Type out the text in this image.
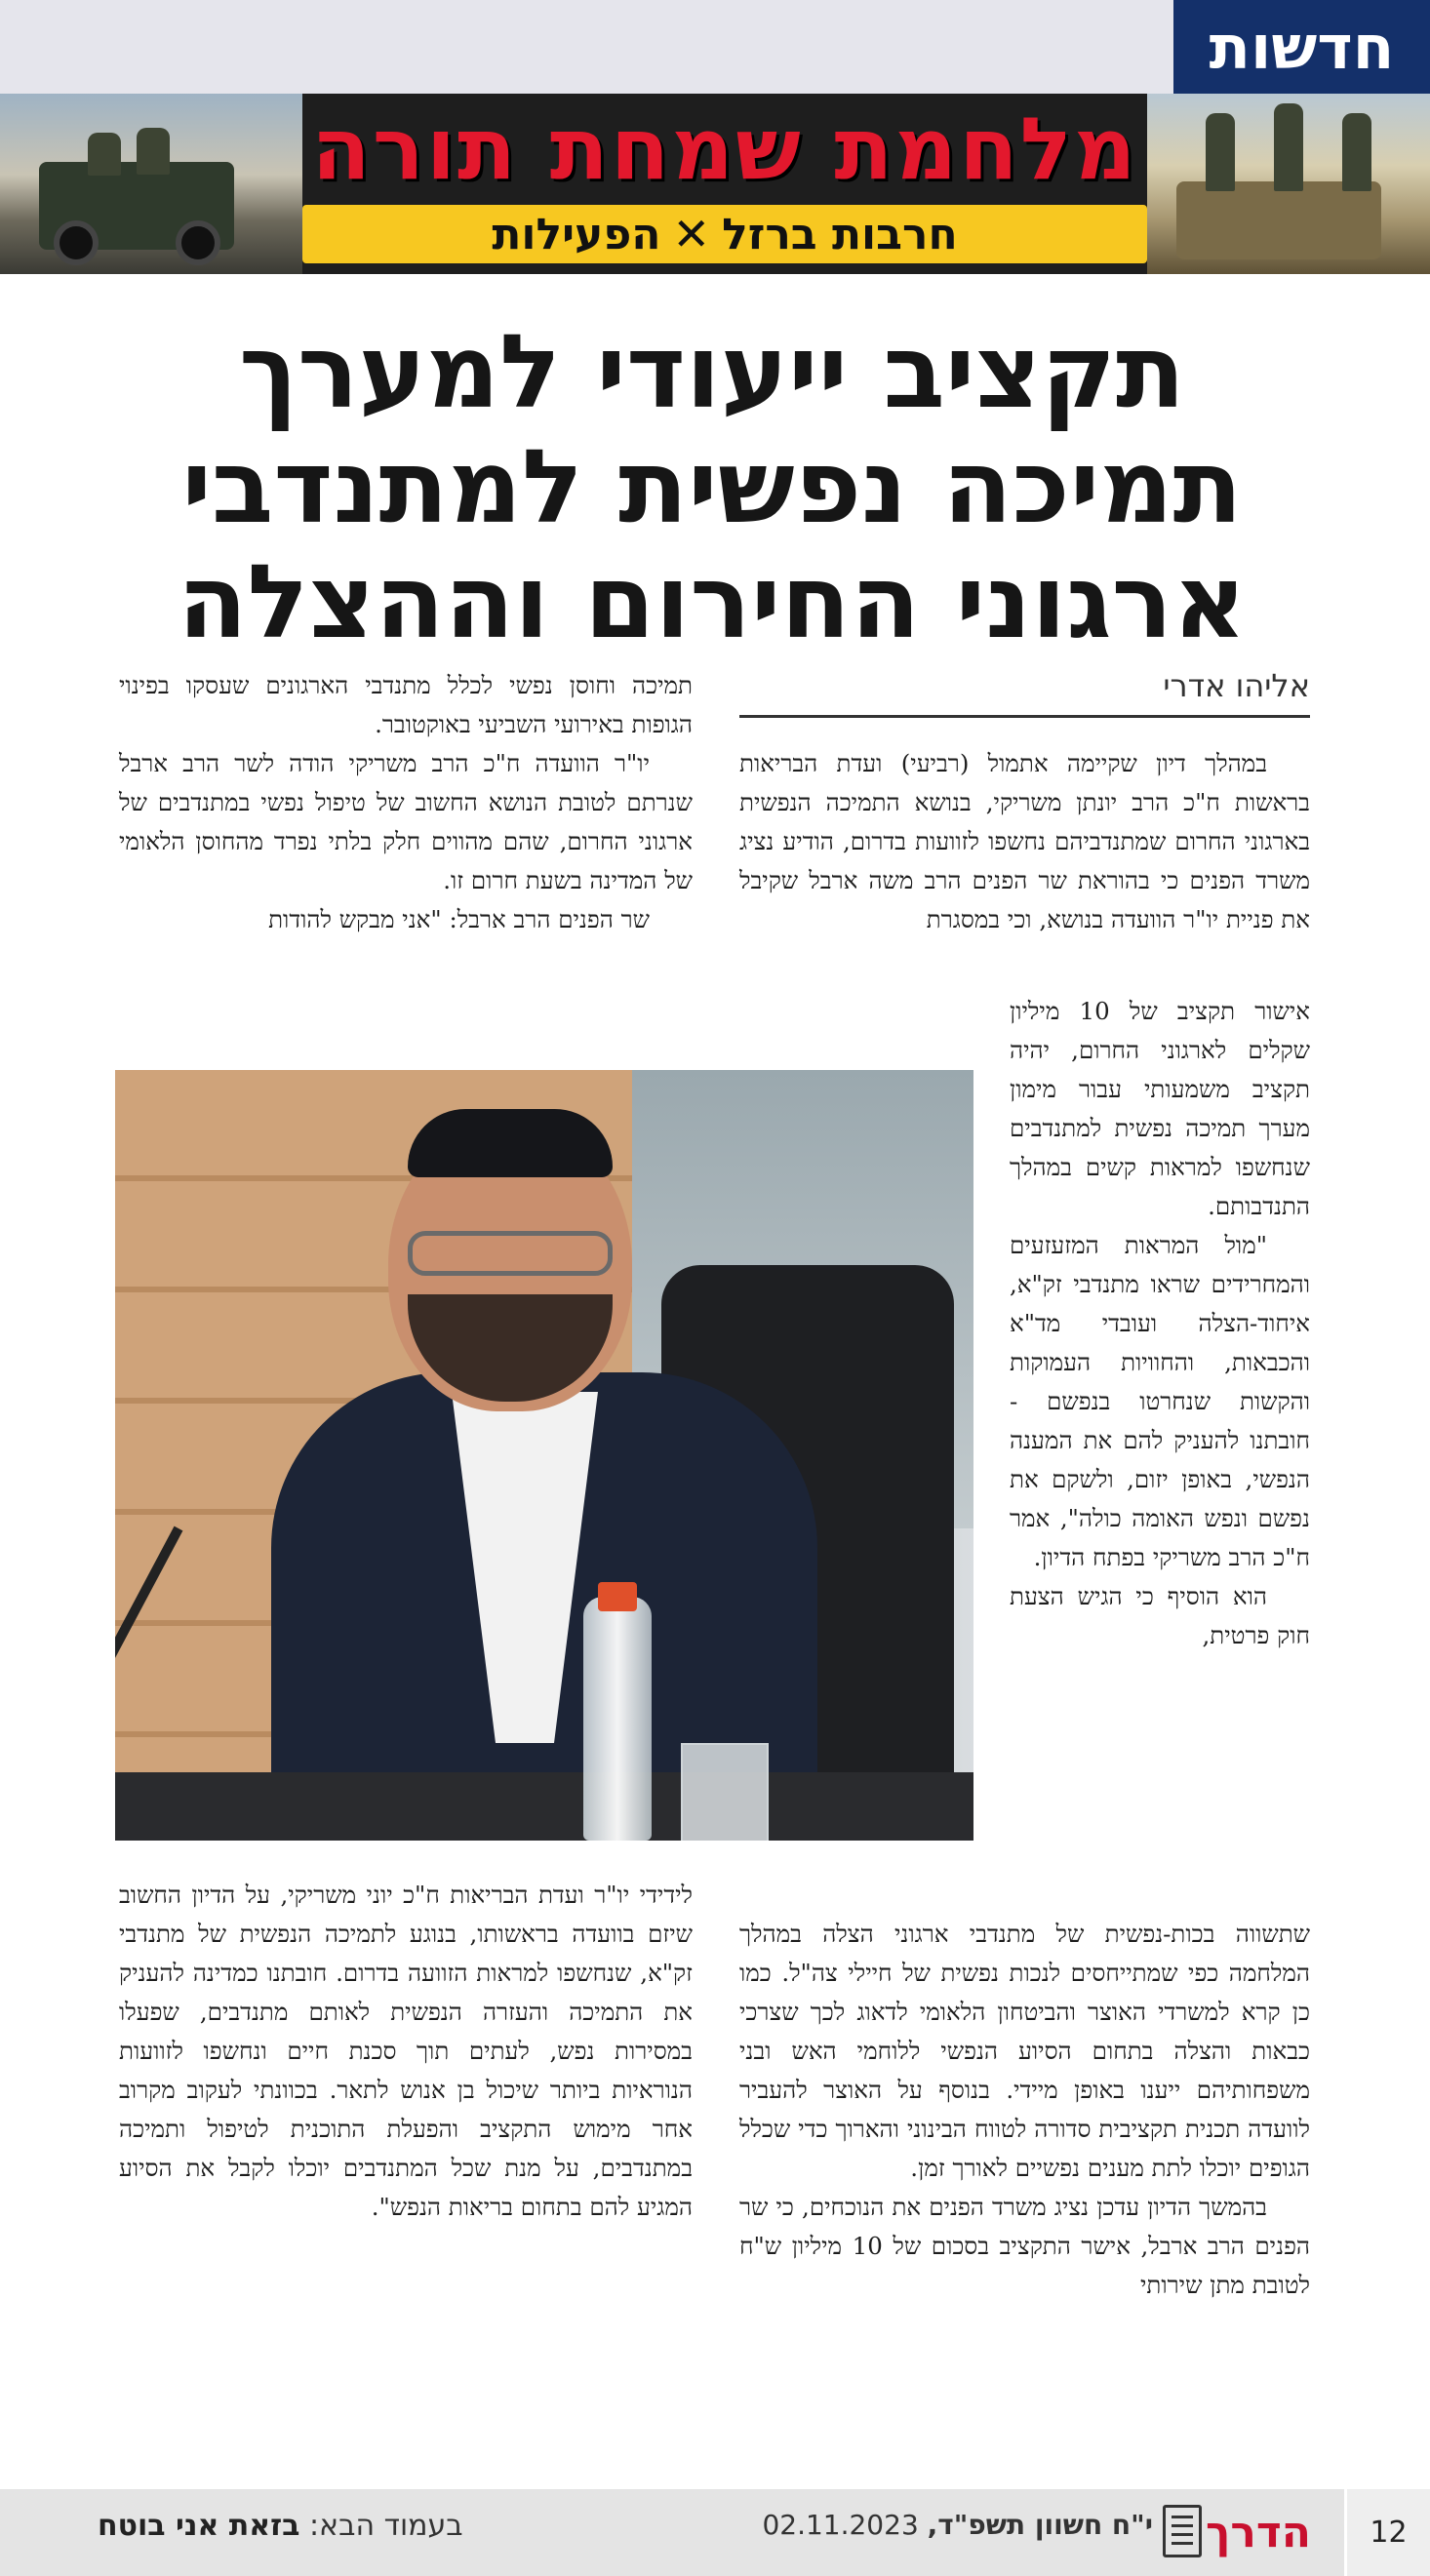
חדשות
מלחמת שמחת תורה
הפעילות ✕ חרבות ברזל
תקציב ייעודי למערך
תמיכה נפשית למתנדבי
ארגוני החירום וההצלה
אליהו אדרי

במהלך דיון שקיימה אתמול (רביעי) ועדת הבריאות בראשות ח"כ הרב יונתן משריקי, בנושא התמיכה הנפשית בארגוני החרום שמתנדביהם נחשפו לזוועות בדרום, הודיע נציג משרד הפנים כי בהוראת שר הפנים הרב משה ארבל שקיבל את פניית יו"ר הוועדה בנושא, וכי במסגרת

אישור תקציב של 10 מיליון שקלים לארגוני החרום, יהיה תקציב משמעותי עבור מימון מערך תמיכה נפשית למתנדבים שנחשפו למראות קשים במהלך התנדבותם.

"מול המראות המזעזעים והמחרידים שראו מתנדבי זק"א, איחוד-הצלה ועובדי מד"א והכבאות, והחוויות העמוקות והקשות שנחרטו בנפשם - חובתנו להעניק להם את המענה הנפשי, באופן יזום, ולשקם את נפשם ונפש האומה כולה", אמר ח"כ הרב משריקי בפתח הדיון.

הוא הוסיף כי הגיש הצעת חוק פרטית,

שתשווה בכות-נפשית של מתנדבי ארגוני הצלה במהלך המלחמה כפי שמתייחסים לנכות נפשית של חיילי צה"ל. כמו כן קרא למשרדי האוצר והביטחון הלאומי לדאוג לכך שצרכי כבאות והצלה בתחום הסיוע הנפשי ללוחמי האש ובני משפחותיהם ייענו באופן מיידי. בנוסף על האוצר להעביר לוועדה תכנית תקציבית סדורה לטווח הבינוני והארוך כדי שכלל הגופים יוכלו לתת מענים נפשיים לאורך זמן.

בהמשך הדיון עדכן נציג משרד הפנים את הנוכחים, כי שר הפנים הרב ארבל, אישר התקציב בסכום של 10 מיליון ש"ח לטובת מתן שירותי

תמיכה וחוסן נפשי לכלל מתנדבי הארגונים שעסקו בפינוי הגופות באירועי השביעי באוקטובר.

יו"ר הוועדה ח"כ הרב משריקי הודה לשר הרב ארבל שנרתם לטובת הנושא החשוב של טיפול נפשי במתנדבים של ארגוני החרום, שהם מהווים חלק בלתי נפרד מהחוסן הלאומי של המדינה בשעת חרום זו.

שר הפנים הרב ארבל: "אני מבקש להודות

לידידי יו"ר ועדת הבריאות ח"כ יוני משריקי, על הדיון החשוב שיזם בוועדה בראשותו, בנוגע לתמיכה הנפשית של מתנדבי זק"א, שנחשפו למראות הזוועה בדרום. חובתנו כמדינה להעניק את התמיכה והעזרה הנפשית לאותם מתנדבים, שפעלו במסירות נפש, לעתים תוך סכנת חיים ונחשפו לזוועות הנוראיות ביותר שיכול בן אנוש לתאר. בכוונתי לעקוב מקרוב אחר מימוש התקציב והפעלת התוכנית לטיפול ותמיכה במתנדבים, על מנת שכל המתנדבים יוכלו לקבל את הסיוע המגיע להם בתחום בריאות הנפש".

12
הדרך
י"ח חשוון תשפ"ד, 02.11.2023
בעמוד הבא: בזאת אני בוטח
